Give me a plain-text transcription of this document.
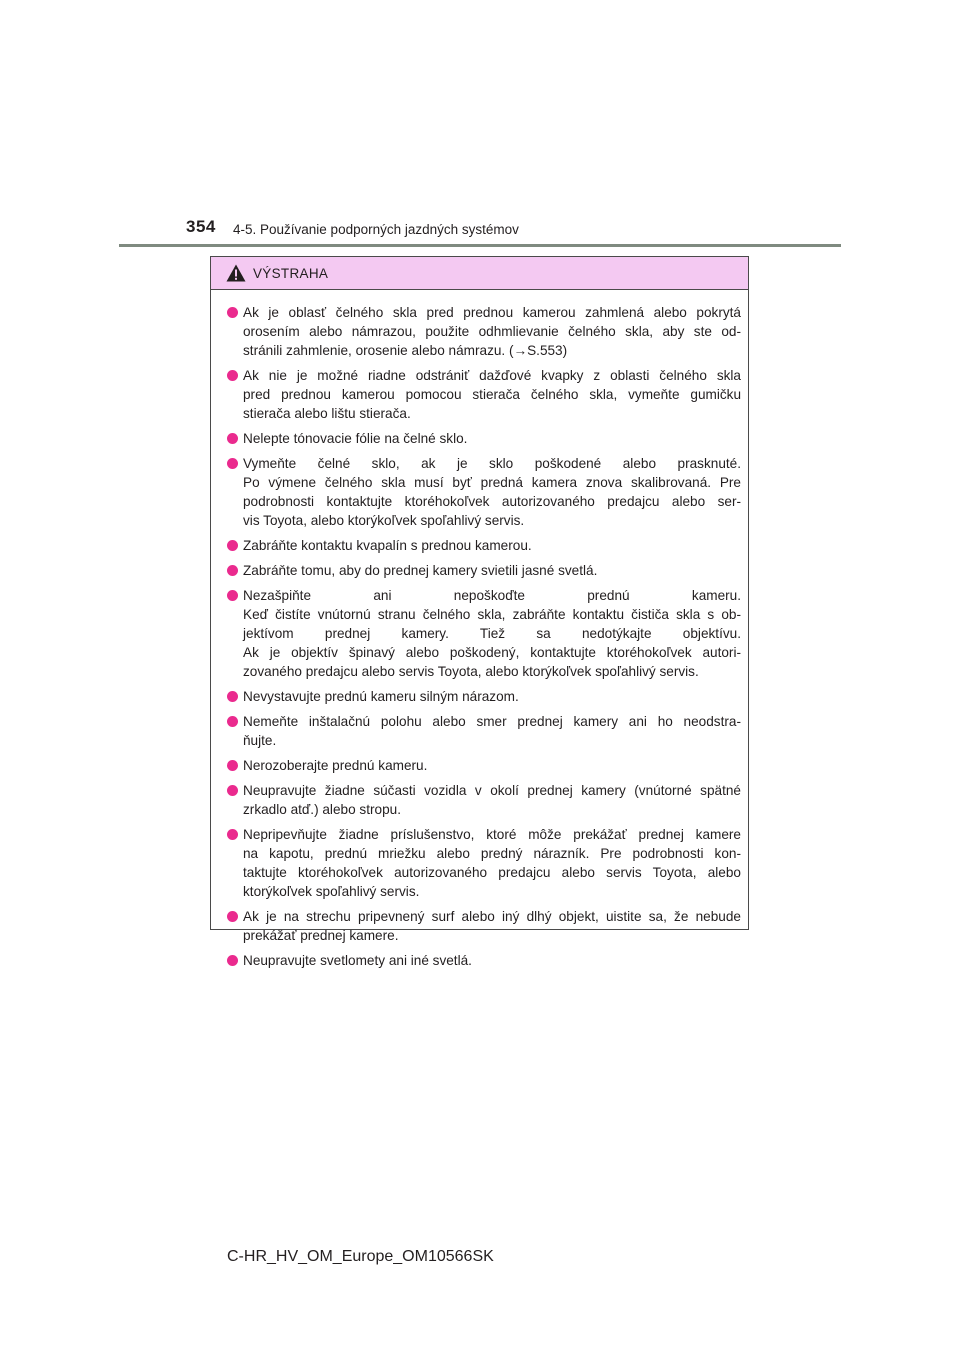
354 4-5. Používanie podporných jazdných systémov
VÝSTRAHA
Ak je oblasť čelného skla pred prednou kamerou zahmlená alebo pokrytá
orosením alebo námrazou, použite odhmlievanie čelného skla, aby ste od-
stránili zahmlenie, orosenie alebo námrazu. (→S.553)
Ak nie je možné riadne odstrániť dažďové kvapky z oblasti čelného skla
pred prednou kamerou pomocou stierača čelného skla, vymeňte gumičku
stierača alebo lištu stierača.
Nelepte tónovacie fólie na čelné sklo.
Vymeňte čelné sklo, ak je sklo poškodené alebo prasknuté.
Po výmene čelného skla musí byť predná kamera znova skalibrovaná. Pre
podrobnosti kontaktujte ktoréhokoľvek autorizovaného predajcu alebo ser-
vis Toyota, alebo ktorýkoľvek spoľahlivý servis.
Zabráňte kontaktu kvapalín s prednou kamerou.
Zabráňte tomu, aby do prednej kamery svietili jasné svetlá.
Nezašpiňte ani nepoškoďte prednú kameru.
Keď čistíte vnútornú stranu čelného skla, zabráňte kontaktu čističa skla s ob-
jektívom prednej kamery. Tiež sa nedotýkajte objektívu.
Ak je objektív špinavý alebo poškodený, kontaktujte ktoréhokoľvek autori-
zovaného predajcu alebo servis Toyota, alebo ktorýkoľvek spoľahlivý servis.
Nevystavujte prednú kameru silným nárazom.
Nemeňte inštalačnú polohu alebo smer prednej kamery ani ho neodstra-
ňujte.
Nerozoberajte prednú kameru.
Neupravujte žiadne súčasti vozidla v okolí prednej kamery (vnútorné spätné
zrkadlo atď.) alebo stropu.
Nepripevňujte žiadne príslušenstvo, ktoré môže prekážať prednej kamere
na kapotu, prednú mriežku alebo predný nárazník. Pre podrobnosti kon-
taktujte ktoréhokoľvek autorizovaného predajcu alebo servis Toyota, alebo
ktorýkoľvek spoľahlivý servis.
Ak je na strechu pripevnený surf alebo iný dlhý objekt, uistite sa, že nebude
prekážať prednej kamere.
Neupravujte svetlomety ani iné svetlá.
C-HR_HV_OM_Europe_OM10566SK
